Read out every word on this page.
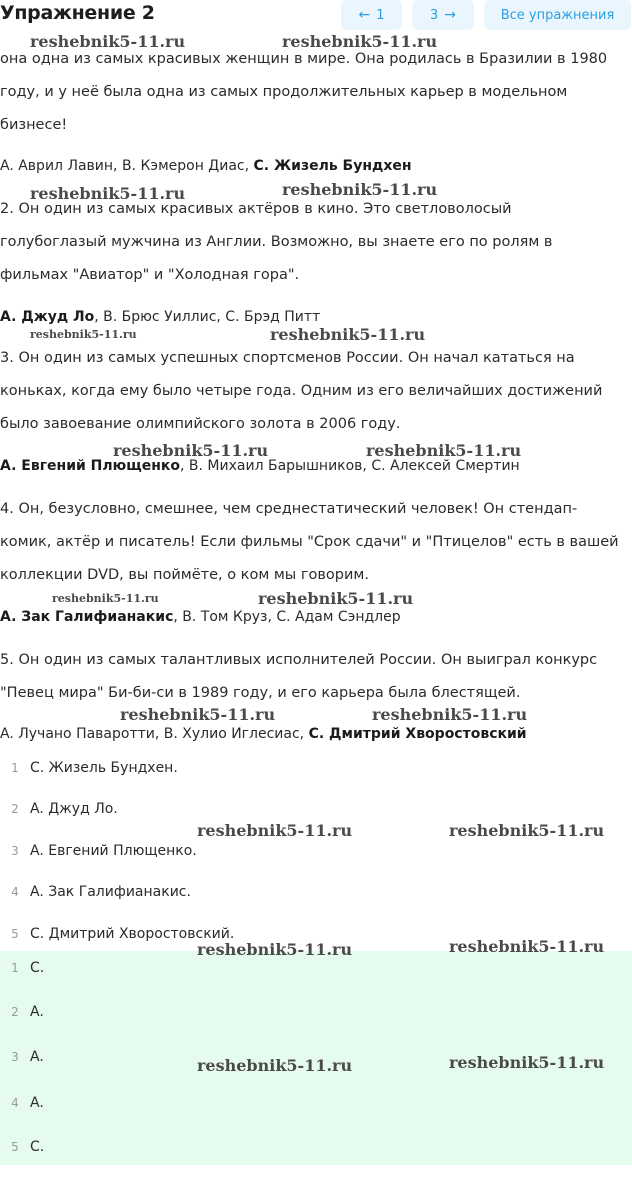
Упражнение 2	← 1	3 →	Все упражнения
она одна из самых красивых женщин в мире. Она родилась в Бразилии в 1980
году, и у неё была одна из самых продолжительных карьер в модельном
бизнесе!
A. Аврил Лавин, B. Кэмерон Диас, C. Жизель Бундхен
2. Он один из самых красивых актёров в кино. Это светловолосый
голубоглазый мужчина из Англии. Возможно, вы знаете его по ролям в
фильмах "Авиатор" и "Холодная гора".
A. Джуд Ло, B. Брюс Уиллис, C. Брэд Питт
3. Он один из самых успешных спортсменов России. Он начал кататься на
коньках, когда ему было четыре года. Одним из его величайших достижений
было завоевание олимпийского золота в 2006 году.
A. Евгений Плющенко, B. Михаил Барышников, C. Алексей Смертин
4. Он, безусловно, смешнее, чем среднестатический человек! Он стендап-
комик, актёр и писатель! Если фильмы "Срок сдачи" и "Птицелов" есть в вашей
коллекции DVD, вы поймёте, о ком мы говорим.
A. Зак Галифианакис, B. Том Круз, C. Адам Сэндлер
5. Он один из самых талантливых исполнителей России. Он выиграл конкурс
"Певец мира" Би-би-си в 1989 году, и его карьера была блестящей.
A. Лучано Паваротти, B. Хулио Иглесиас, C. Дмитрий Хворостовский
1 C. Жизель Бундхен.
2 A. Джуд Ло.
3 A. Евгений Плющенко.
4 A. Зак Галифианакис.
5 C. Дмитрий Хворостовский.
1 C.
2 A.
3 A.
4 A.
5 C.
reshebnik5-11.ru	reshebnik5-11.ru
reshebnik5-11.ru	reshebnik5-11.ru
reshebnik5-11.ru	reshebnik5-11.ru
reshebnik5-11.ru	reshebnik5-11.ru
reshebnik5-11.ru	reshebnik5-11.ru
reshebnik5-11.ru	reshebnik5-11.ru
reshebnik5-11.ru	reshebnik5-11.ru
reshebnik5-11.ru	reshebnik5-11.ru
reshebnik5-11.ru	reshebnik5-11.ru
